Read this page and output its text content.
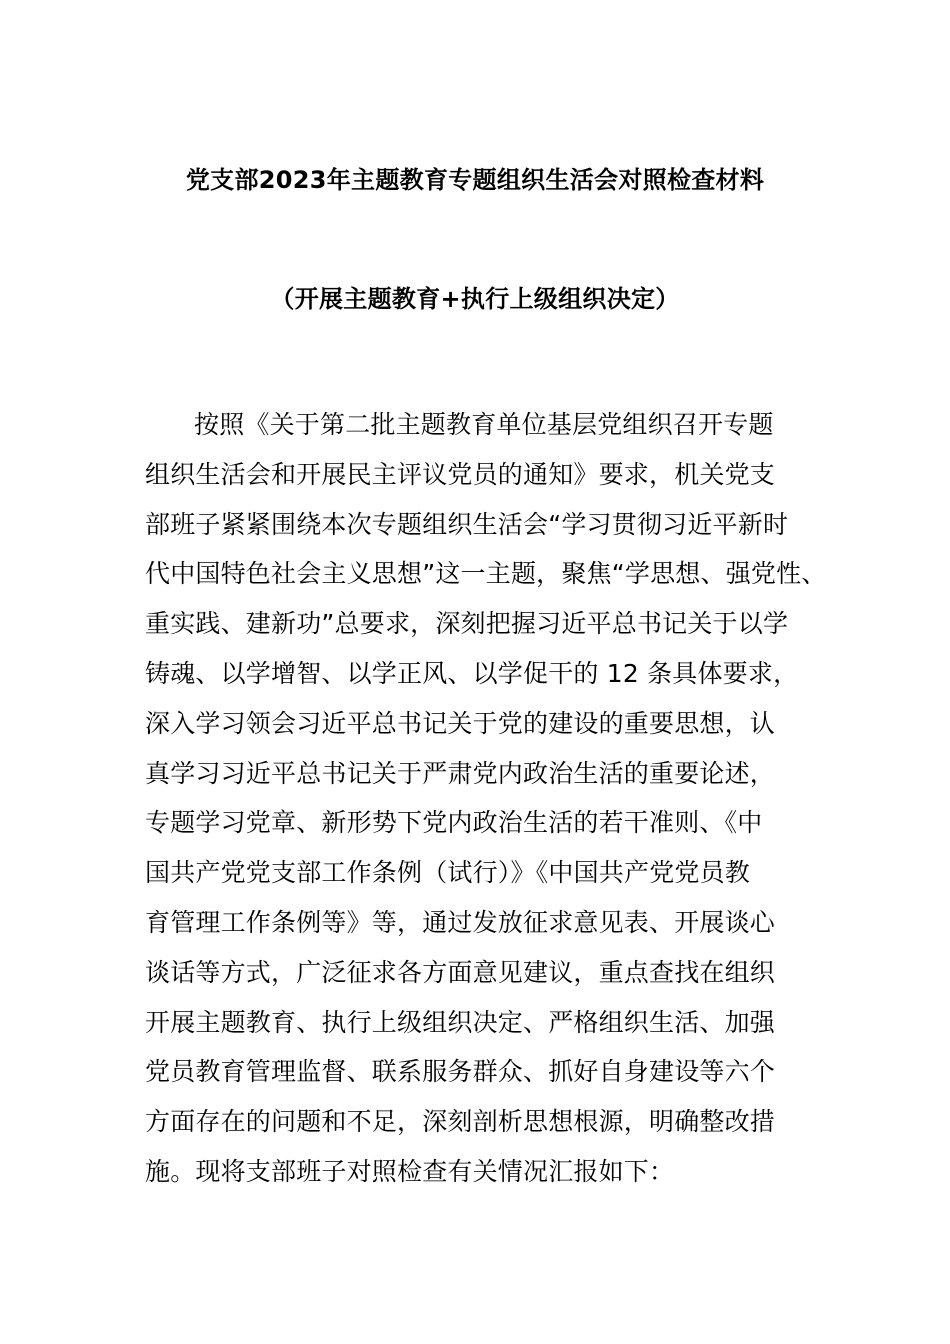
党支部2023年主题教育专题组织生活会对照检查材料
（开展主题教育+执行上级组织决定）
按照《关于第二批主题教育单位基层党组织召开专题
组织生活会和开展民主评议党员的通知》要求，机关党支
部班子紧紧围绕本次专题组织生活会“学习贯彻习近平新时
代中国特色社会主义思想”这一主题，聚焦“学思想、强党性、
重实践、建新功”总要求，深刻把握习近平总书记关于以学
铸魂、以学增智、以学正风、以学促干的 12 条具体要求，
深入学习领会习近平总书记关于党的建设的重要思想，认
真学习习近平总书记关于严肃党内政治生活的重要论述，
专题学习党章、新形势下党内政治生活的若干准则、《中
国共产党党支部工作条例（试行）》《中国共产党党员教
育管理工作条例等》等，通过发放征求意见表、开展谈心
谈话等方式，广泛征求各方面意见建议，重点查找在组织
开展主题教育、执行上级组织决定、严格组织生活、加强
党员教育管理监督、联系服务群众、抓好自身建设等六个
方面存在的问题和不足，深刻剖析思想根源，明确整改措
施。现将支部班子对照检查有关情况汇报如下：
